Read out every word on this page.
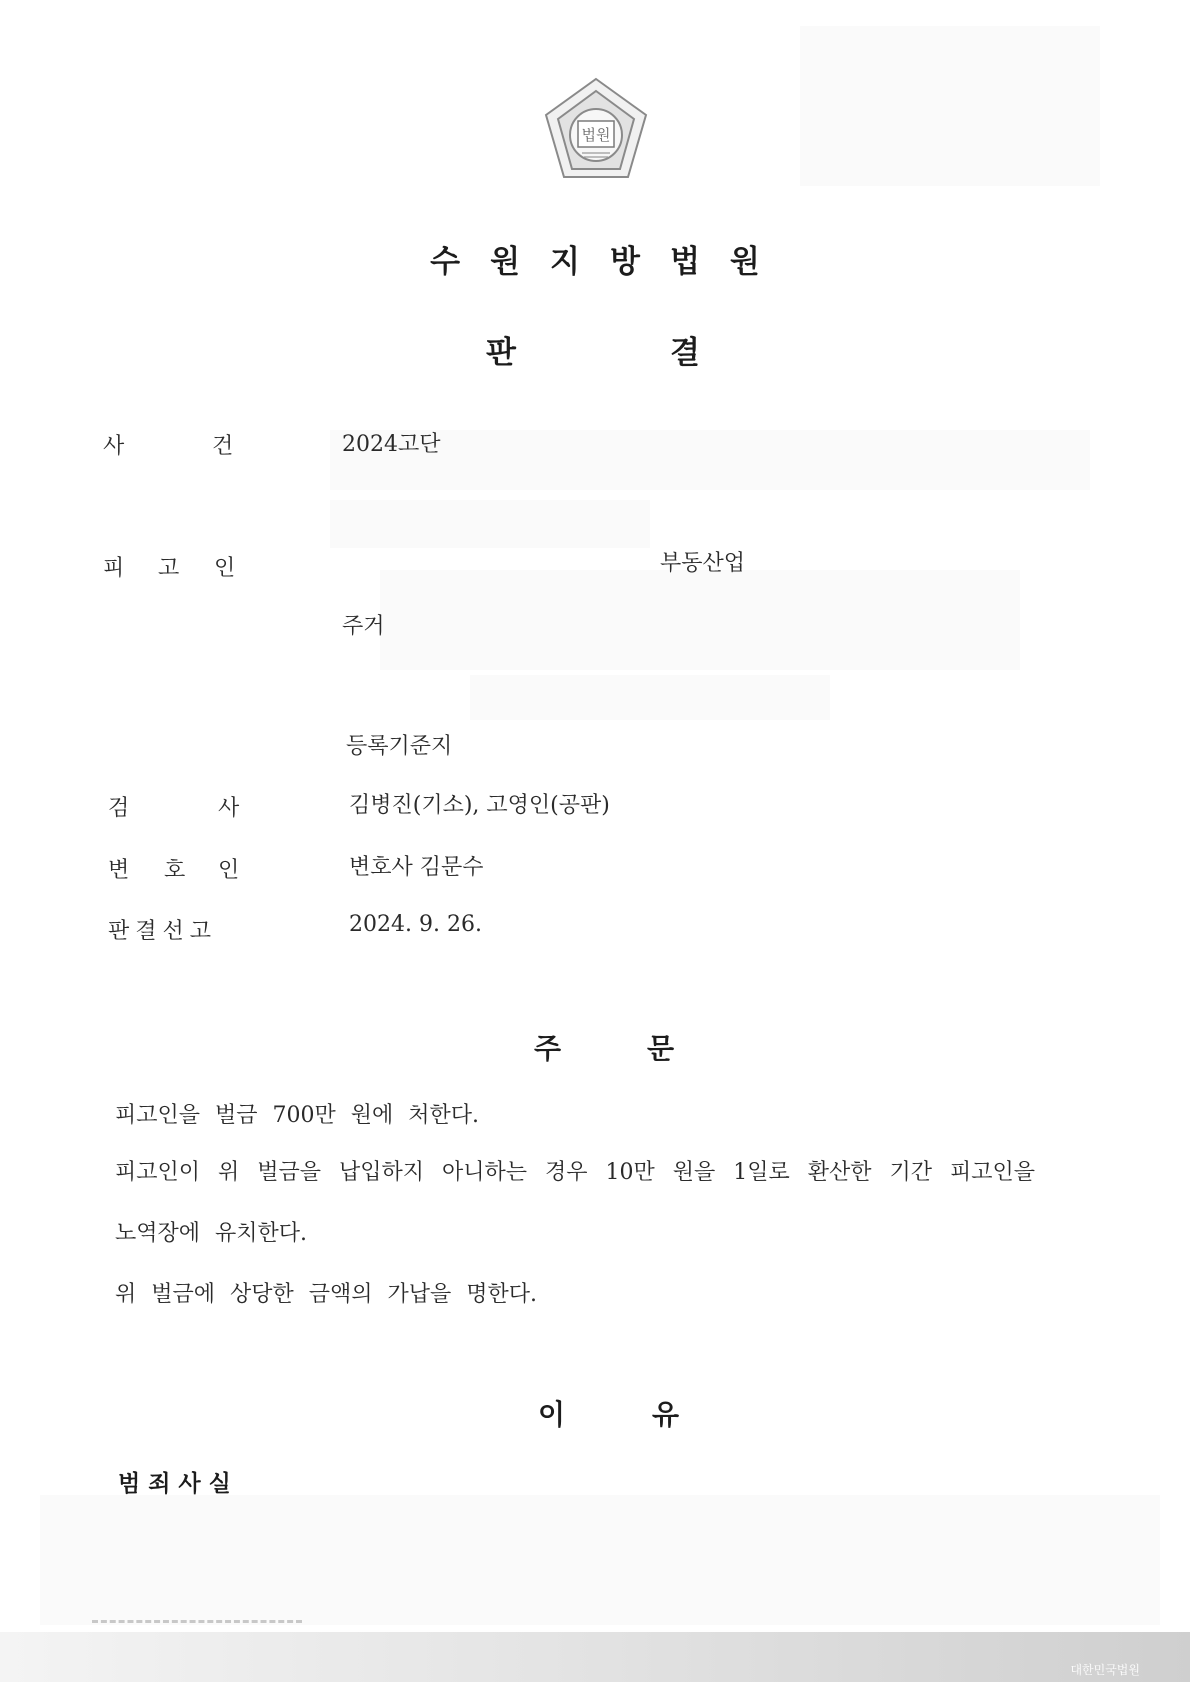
법원
수원지방법원
판	결
사	건	2024고단
피 고 인	부동산업
주거
등록기준지
검	사	김병진(기소), 고영인(공판)
변 호 인	변호사 김문수
판결선고	2024. 9. 26.
주	문
피고인을 벌금 700만 원에 처한다.
피고인이 위 벌금을 납입하지 아니하는 경우 10만 원을 1일로 환산한 기간 피고인을
노역장에 유치한다.
위 벌금에 상당한 금액의 가납을 명한다.
이	유
범죄사실
대한민국법원
